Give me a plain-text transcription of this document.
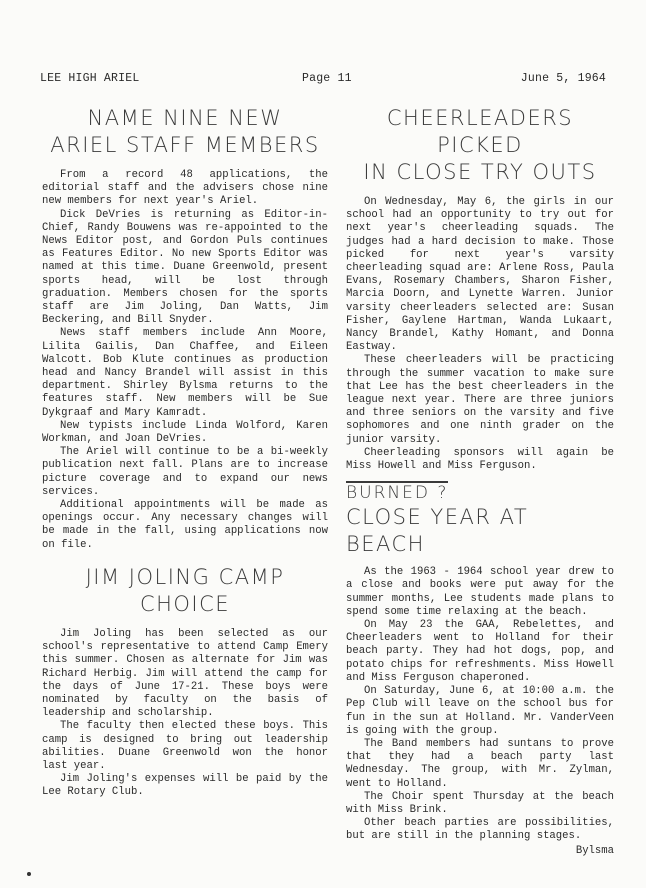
LEE HIGH ARIEL	Page 11	June 5, 1964
NAME NINE NEW
ARIEL STAFF MEMBERS

From a record 48 applications, the editorial staff and the advisers chose nine new members for next year's Ariel.

Dick DeVries is returning as Editor-in-Chief, Randy Bouwens was re-appointed to the News Editor post, and Gordon Puls continues as Features Editor. No new Sports Editor was named at this time. Duane Greenwold, present sports head, will be lost through graduation. Members chosen for the sports staff are Jim Joling, Dan Watts, Jim Beckering, and Bill Snyder.

News staff members include Ann Moore, Lilita Gailis, Dan Chaffee, and Eileen Walcott. Bob Klute continues as production head and Nancy Brandel will assist in this department. Shirley Bylsma returns to the features staff. New members will be Sue Dykgraaf and Mary Kamradt.

New typists include Linda Wolford, Karen Workman, and Joan DeVries.

The Ariel will continue to be a bi-weekly publication next fall. Plans are to increase picture coverage and to expand our news services.

Additional appointments will be made as openings occur. Any necessary changes will be made in the fall, using applications now on file.

JIM JOLING CAMP CHOICE

Jim Joling has been selected as our school's representative to attend Camp Emery this summer. Chosen as alternate for Jim was Richard Herbig. Jim will attend the camp for the days of June 17-21. These boys were nominated by faculty on the basis of leadership and scholarship.

The faculty then elected these boys. This camp is designed to bring out leadership abilities. Duane Greenwold won the honor last year.

Jim Joling's expenses will be paid by the Lee Rotary Club.

CHEERLEADERS PICKED
IN CLOSE TRY OUTS

On Wednesday, May 6, the girls in our school had an opportunity to try out for next year's cheerleading squads. The judges had a hard decision to make. Those picked for next year's varsity cheerleading squad are: Arlene Ross, Paula Evans, Rosemary Chambers, Sharon Fisher, Marcia Doorn, and Lynette Warren. Junior varsity cheerleaders selected are: Susan Fisher, Gaylene Hartman, Wanda Lukaart, Nancy Brandel, Kathy Homant, and Donna Eastway.

These cheerleaders will be practicing through the summer vacation to make sure that Lee has the best cheerleaders in the league next year. There are three juniors and three seniors on the varsity and five sophomores and one ninth grader on the junior varsity.

Cheerleading sponsors will again be Miss Howell and Miss Ferguson.

BURNED ?
CLOSE YEAR AT BEACH

As the 1963 - 1964 school year drew to a close and books were put away for the summer months, Lee students made plans to spend some time relaxing at the beach.

On May 23 the GAA, Rebelettes, and Cheerleaders went to Holland for their beach party. They had hot dogs, pop, and potato chips for refreshments. Miss Howell and Miss Ferguson chaperoned.

On Saturday, June 6, at 10:00 a.m. the Pep Club will leave on the school bus for fun in the sun at Holland. Mr. VanderVeen is going with the group.

The Band members had suntans to prove that they had a beach party last Wednesday. The group, with Mr. Zylman, went to Holland.

The Choir spent Thursday at the beach with Miss Brink.

Other beach parties are possibilities, but are still in the planning stages.

Bylsma
